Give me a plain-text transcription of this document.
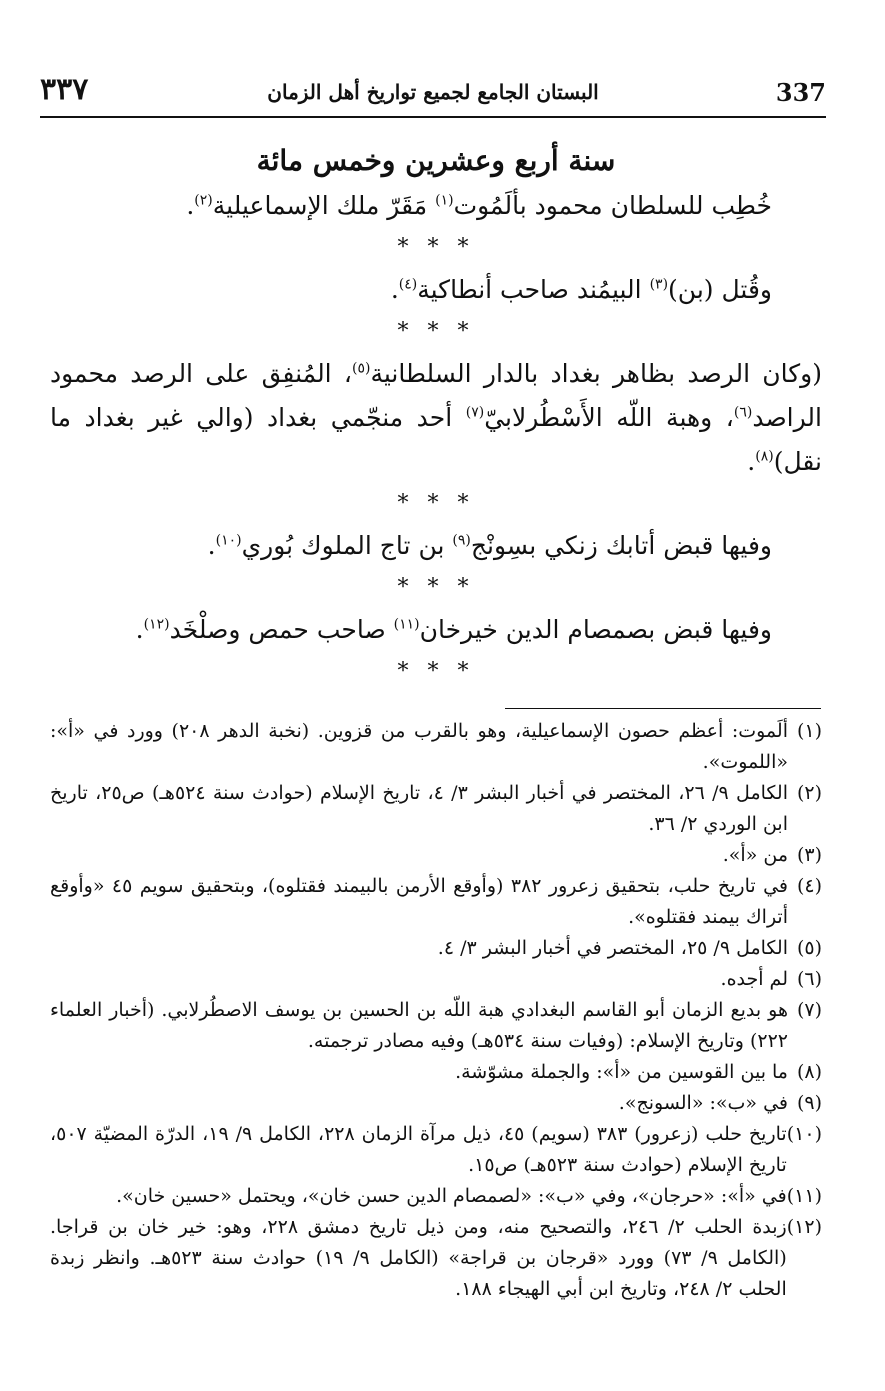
٣٣٧	البستان الجامع لجميع تواريخ أهل الزمان	337
سنة أربع وعشرين وخمس مائة
خُطِب للسلطان محمود بألَمُوت$^{(١)}$ مَقَرّ ملك الإسماعيلية$^{(٢)}$.
* * *
وقُتل (بن)$^{(٣)}$ البيمُند صاحب أنطاكية$^{(٤)}$.
* * *
(وكان الرصد بظاهر بغداد بالدار السلطانية$^{(٥)}$، المُنفِق على الرصد محمود الراصد$^{(٦)}$، وهبة اللّه الأَسْطُرلابيّ$^{(٧)}$ أحد منجّمي بغداد (والي غير بغداد ما نقل)$^{(٨)}$.
* * *
وفيها قبض أتابك زنكي بسِونْج$^{(٩)}$ بن تاج الملوك بُوري$^{(١٠)}$.
* * *
وفيها قبض بصمصام الدين خيرخان$^{(١١)}$ صاحب حمص وصلْخَد$^{(١٢)}$.
* * *
(١)
ألَموت: أعظم حصون الإسماعيلية، وهو بالقرب من قزوين. (نخبة الدهر ٢٠٨) وورد في «أ»: «اللموت».
(٢)
الكامل ٩/ ٢٦، المختصر في أخبار البشر ٣/ ٤، تاريخ الإسلام (حوادث سنة ٥٢٤هـ) ص٢٥، تاريخ ابن الوردي ٢/ ٣٦.
(٣)
من «أ».
(٤)
في تاريخ حلب، بتحقيق زعرور ٣٨٢ (وأوقع الأرمن بالبيمند فقتلوه)، وبتحقيق سويم ٤٥ «وأوقع أتراك بيمند فقتلوه».
(٥)
الكامل ٩/ ٢٥، المختصر في أخبار البشر ٣/ ٤.
(٦)
لم أجده.
(٧)
هو بديع الزمان أبو القاسم البغدادي هبة اللّه بن الحسين بن يوسف الاصطُرلابي. (أخبار العلماء ٢٢٢) وتاريخ الإسلام: (وفيات سنة ٥٣٤هـ) وفيه مصادر ترجمته.
(٨)
ما بين القوسين من «أ»: والجملة مشوّشة.
(٩)
في «ب»: «السونج».
(١٠)
تاريخ حلب (زعرور) ٣٨٣ (سويم) ٤٥، ذيل مرآة الزمان ٢٢٨، الكامل ٩/ ١٩، الدرّة المضيّة ٥٠٧، تاريخ الإسلام (حوادث سنة ٥٢٣هـ) ص١٥.
(١١)
في «أ»: «حرجان»، وفي «ب»: «لصمصام الدين حسن خان»، ويحتمل «حسين خان».
(١٢)
زبدة الحلب ٢/ ٢٤٦، والتصحيح منه، ومن ذيل تاريخ دمشق ٢٢٨، وهو: خير خان بن قراجا. (الكامل ٩/ ٧٣) وورد «قرجان بن قراجة» (الكامل ٩/ ١٩) حوادث سنة ٥٢٣هـ. وانظر زبدة الحلب ٢/ ٢٤٨، وتاريخ ابن أبي الهيجاء ١٨٨.
